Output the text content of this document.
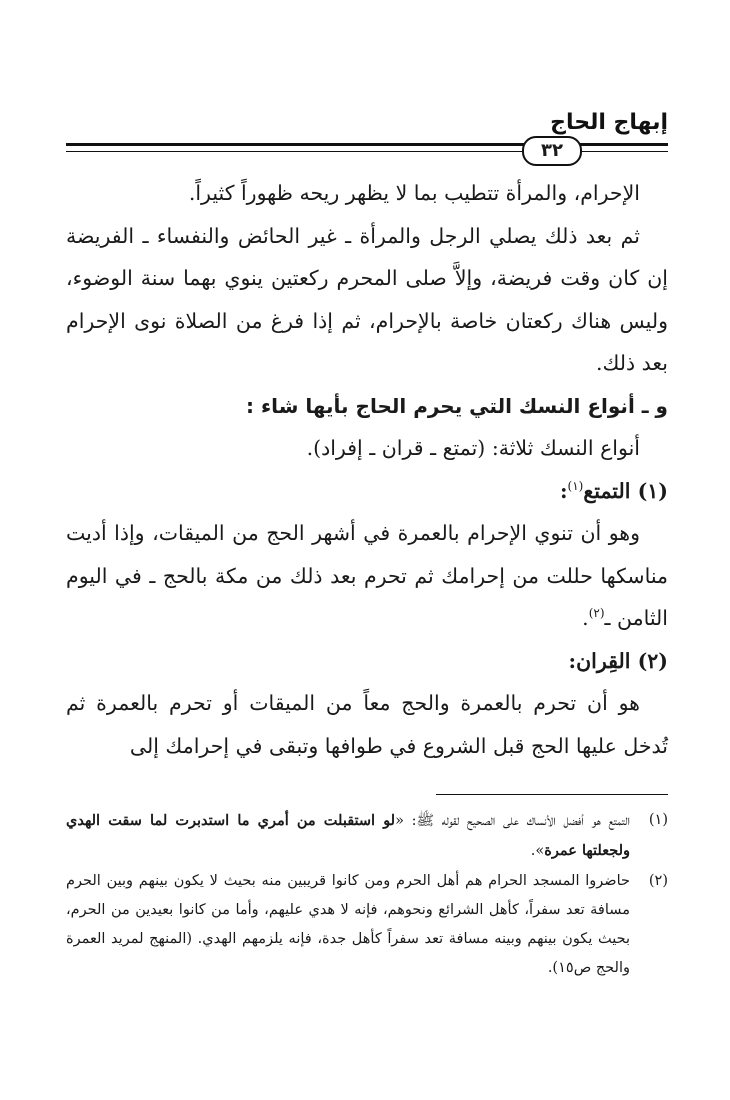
إبهاج الحاج
٣٢

الإحرام، والمرأة تتطيب بما لا يظهر ريحه ظهوراً كثيراً.

ثم بعد ذلك يصلي الرجل والمرأة ـ غير الحائض والنفساء ـ الفريضة إن كان وقت فريضة، وإلاَّ صلى المحرم ركعتين ينوي بهما سنة الوضوء، وليس هناك ركعتان خاصة بالإحرام، ثم إذا فرغ من الصلاة نوى الإحرام بعد ذلك.

و ـ أنواع النسك التي يحرم الحاج بأيها شاء :

أنواع النسك ثلاثة: (تمتع ـ قران ـ إفراد).

(١) التمتع$^{(١)}$:

وهو أن تنوي الإحرام بالعمرة في أشهر الحج من الميقات، وإذا أديت مناسكها حللت من إحرامك ثم تحرم بعد ذلك من مكة بالحج ـ في اليوم الثامن ـ$^{(٢)}$.

(٢) القِران:

هو أن تحرم بالعمرة والحج معاً من الميقات أو تحرم بالعمرة ثم تُدخل عليها الحج قبل الشروع في طوافها وتبقى في إحرامك إلى

(١)
التمتع هو أفضل الأنساك على الصحيح لقوله ﷺ: «لو استقبلت من أمري ما استدبرت لما سقت الهدي ولجعلتها عمرة».
(٢)
حاضروا المسجد الحرام هم أهل الحرم ومن كانوا قريبين منه بحيث لا يكون بينهم وبين الحرم مسافة تعد سفراً، كأهل الشرائع ونحوهم، فإنه لا هدي عليهم، وأما من كانوا بعيدين من الحرم، بحيث يكون بينهم وبينه مسافة تعد سفراً كأهل جدة، فإنه يلزمهم الهدي. (المنهج لمريد العمرة والحج ص١٥).
